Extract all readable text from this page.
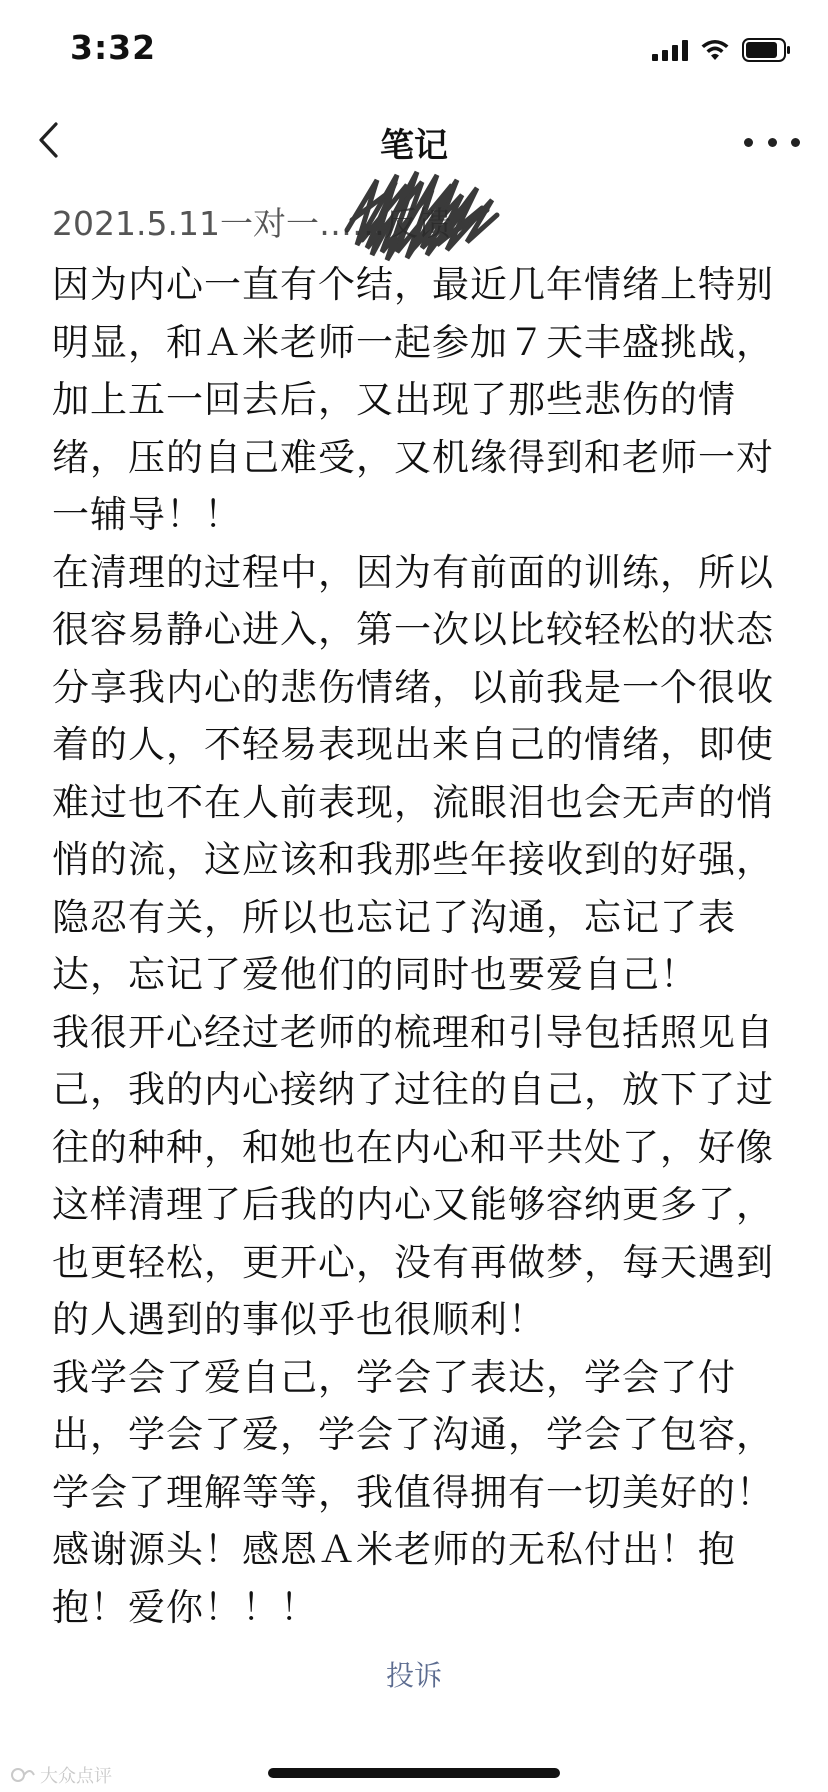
3:32
笔记
2021.5.11一对一……反馈

因为内心一直有个结，最近几年情绪上特别
明显，和Ａ米老师一起参加７天丰盛挑战，
加上五一回去后，又出现了那些悲伤的情
绪，压的自己难受，又机缘得到和老师一对
一辅导！！

在清理的过程中，因为有前面的训练，所以
很容易静心进入，第一次以比较轻松的状态
分享我内心的悲伤情绪，以前我是一个很收
着的人，不轻易表现出来自己的情绪，即使
难过也不在人前表现，流眼泪也会无声的悄
悄的流，这应该和我那些年接收到的好强，
隐忍有关，所以也忘记了沟通，忘记了表
达，忘记了爱他们的同时也要爱自己！

我很开心经过老师的梳理和引导包括照见自
己，我的内心接纳了过往的自己，放下了过
往的种种，和她也在内心和平共处了，好像
这样清理了后我的内心又能够容纳更多了，
也更轻松，更开心，没有再做梦，每天遇到
的人遇到的事似乎也很顺利！

我学会了爱自己，学会了表达，学会了付
出，学会了爱，学会了沟通，学会了包容，
学会了理解等等，我值得拥有一切美好的！
感谢源头！感恩Ａ米老师的无私付出！抱
抱！爱你！！！

投诉
大众点评
